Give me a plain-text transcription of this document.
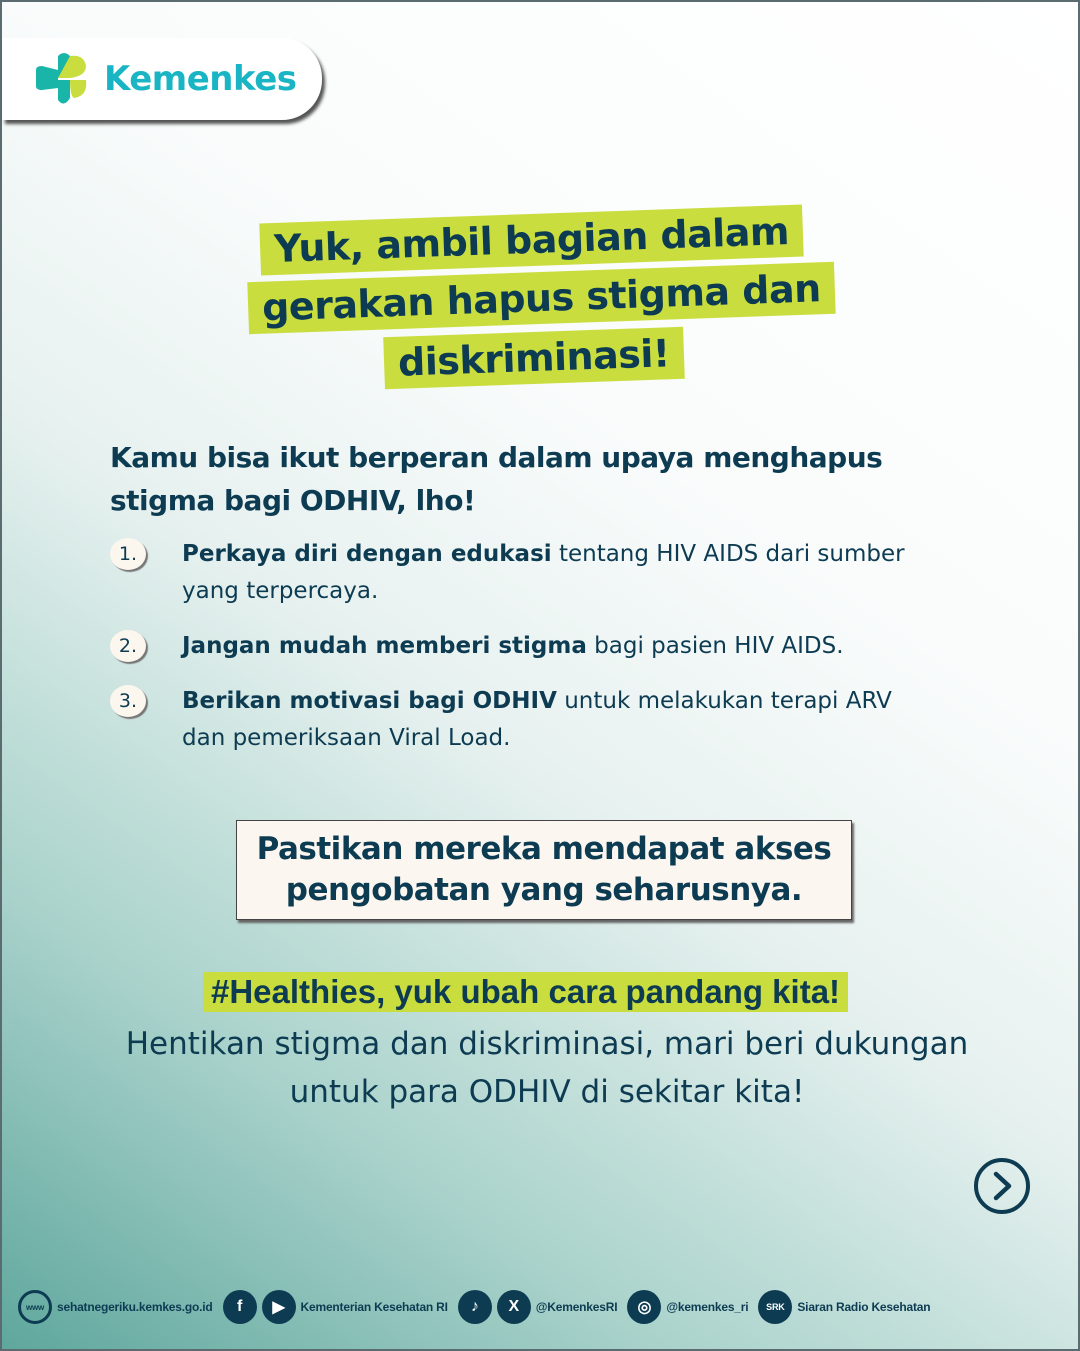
Kemenkes
Yuk, ambil bagian dalam
gerakan hapus stigma dan
diskriminasi!
Kamu bisa ikut berperan dalam upaya menghapus stigma bagi ODHIV, lho!
1.	Perkaya diri dengan edukasi tentang HIV AIDS dari sumber yang terpercaya.
2.	Jangan mudah memberi stigma bagi pasien HIV AIDS.
3.	Berikan motivasi bagi ODHIV untuk melakukan terapi ARV dan pemeriksaan Viral Load.
Pastikan mereka mendapat akses
pengobatan yang seharusnya.
#Healthies, yuk ubah cara pandang kita!
Hentikan stigma dan diskriminasi, mari beri dukungan
untuk para ODHIV di sekitar kita!
www	sehatnegeriku.kemkes.go.id	f	▶	Kementerian Kesehatan RI	♪	X	@KemenkesRI	◎	@kemenkes_ri	SRK	Siaran Radio Kesehatan
